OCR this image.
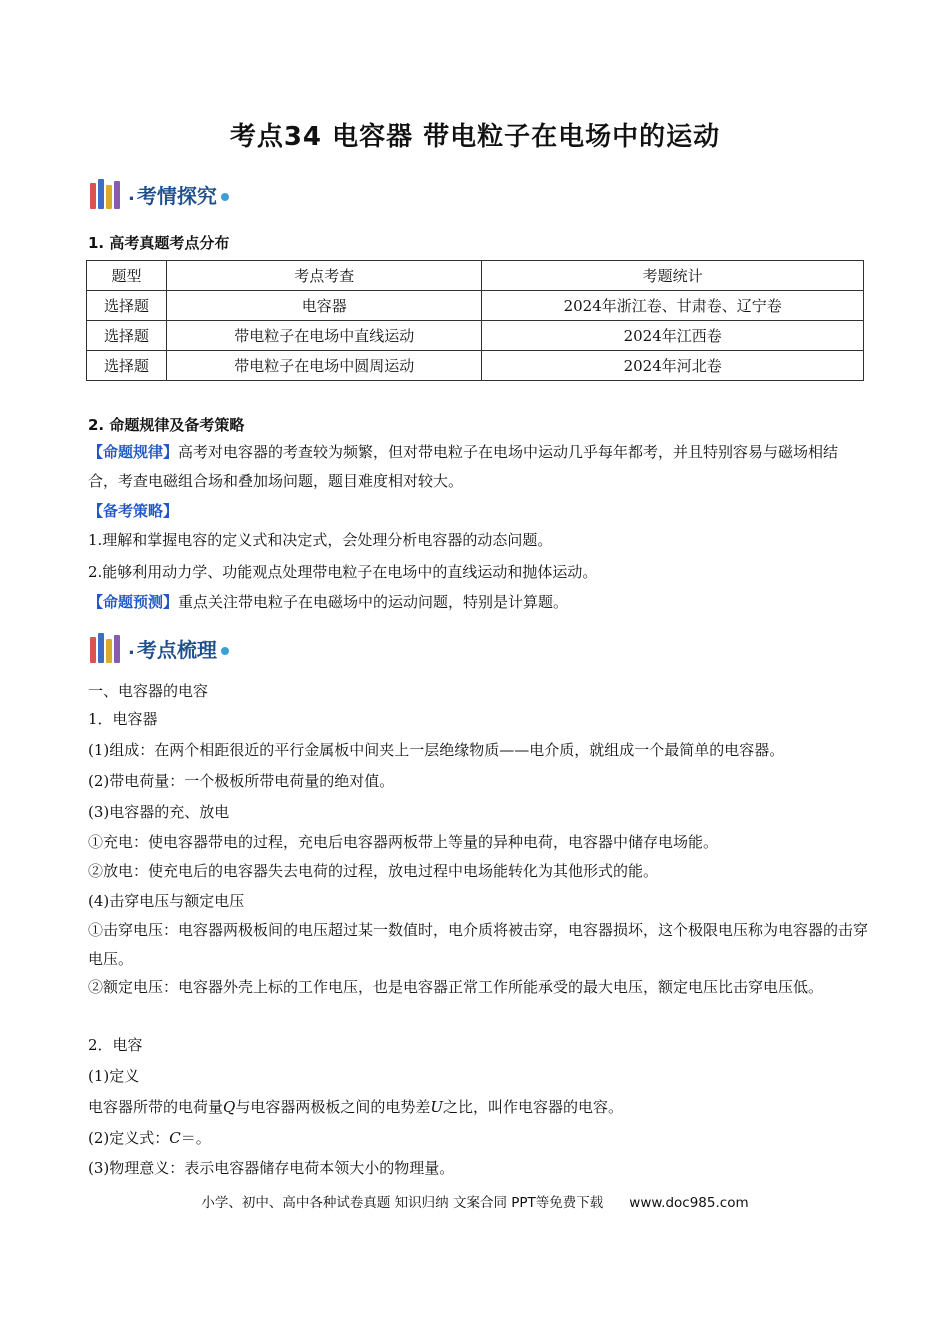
考点34 电容器 带电粒子在电场中的运动
. 考情探究
1. 高考真题考点分布
题型	考点考查	考题统计
选择题	电容器	2024年浙江卷、甘肃卷、辽宁卷
选择题	带电粒子在电场中直线运动	2024年江西卷
选择题	带电粒子在电场中圆周运动	2024年河北卷
2. 命题规律及备考策略
【命题规律】高考对电容器的考查较为频繁，但对带电粒子在电场中运动几乎每年都考，并且特别容易与磁场相结合，考查电磁组合场和叠加场问题，题目难度相对较大。
【备考策略】
1.理解和掌握电容的定义式和决定式，会处理分析电容器的动态问题。
2.能够利用动力学、功能观点处理带电粒子在电场中的直线运动和抛体运动。
【命题预测】重点关注带电粒子在电磁场中的运动问题，特别是计算题。
. 考点梳理
一、电容器的电容
1．电容器
(1)组成：在两个相距很近的平行金属板中间夹上一层绝缘物质——电介质，就组成一个最简单的电容器。
(2)带电荷量：一个极板所带电荷量的绝对值。
(3)电容器的充、放电
①充电：使电容器带电的过程，充电后电容器两板带上等量的异种电荷，电容器中储存电场能。
②放电：使充电后的电容器失去电荷的过程，放电过程中电场能转化为其他形式的能。
(4)击穿电压与额定电压
①击穿电压：电容器两极板间的电压超过某一数值时，电介质将被击穿，电容器损坏，这个极限电压称为电容器的击穿电压。
②额定电压：电容器外壳上标的工作电压，也是电容器正常工作所能承受的最大电压，额定电压比击穿电压低。
2．电容
(1)定义
电容器所带的电荷量Q与电容器两极板之间的电势差U之比，叫作电容器的电容。
(2)定义式：C＝。
(3)物理意义：表示电容器储存电荷本领大小的物理量。
小学、初中、高中各种试卷真题 知识归纳 文案合同 PPT等免费下载 www.doc985.com
